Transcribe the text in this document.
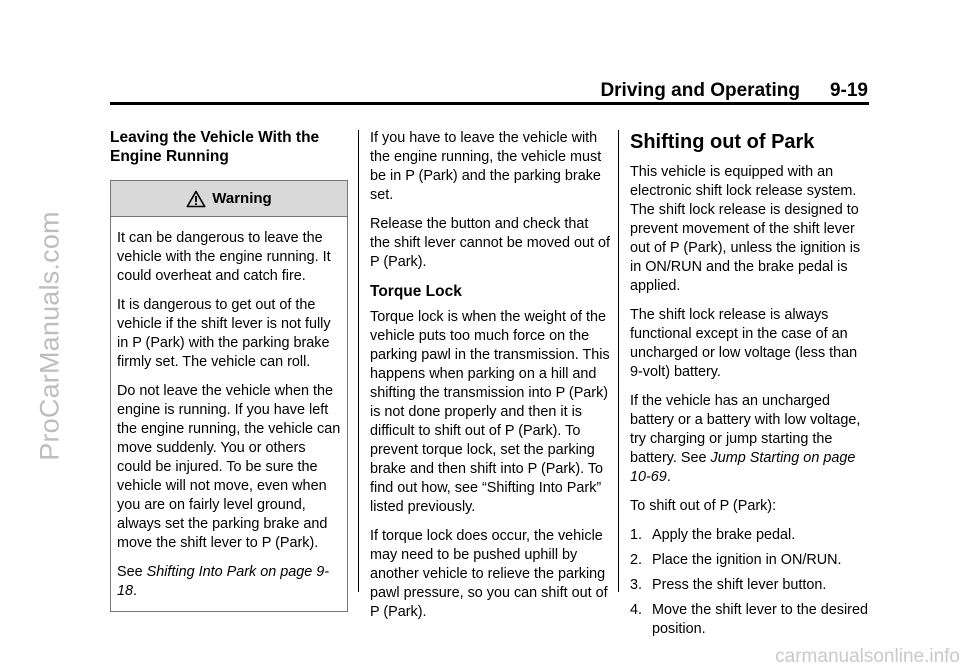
ProCarManuals.com
Driving and Operating 9-19
Leaving the Vehicle With the Engine Running
Warning

It can be dangerous to leave the vehicle with the engine running. It could overheat and catch fire.

It is dangerous to get out of the vehicle if the shift lever is not fully in P (Park) with the parking brake firmly set. The vehicle can roll.

Do not leave the vehicle when the engine is running. If you have left the engine running, the vehicle can move suddenly. You or others could be injured. To be sure the vehicle will not move, even when you are on fairly level ground, always set the parking brake and move the shift lever to P (Park).

See Shifting Into Park on page 9-18.

If you have to leave the vehicle with the engine running, the vehicle must be in P (Park) and the parking brake set.

Release the button and check that the shift lever cannot be moved out of P (Park).

Torque Lock

Torque lock is when the weight of the vehicle puts too much force on the parking pawl in the transmission. This happens when parking on a hill and shifting the transmission into P (Park) is not done properly and then it is difficult to shift out of P (Park). To prevent torque lock, set the parking brake and then shift into P (Park). To find out how, see “Shifting Into Park” listed previously.

If torque lock does occur, the vehicle may need to be pushed uphill by another vehicle to relieve the parking pawl pressure, so you can shift out of P (Park).

Shifting out of Park

This vehicle is equipped with an electronic shift lock release system. The shift lock release is designed to prevent movement of the shift lever out of P (Park), unless the ignition is in ON/RUN and the brake pedal is applied.

The shift lock release is always functional except in the case of an uncharged or low voltage (less than 9-volt) battery.

If the vehicle has an uncharged battery or a battery with low voltage, try charging or jump starting the battery. See Jump Starting on page 10-69.

To shift out of P (Park):

1. Apply the brake pedal.
2. Place the ignition in ON/RUN.
3. Press the shift lever button.
4. Move the shift lever to the desired position.
carmanualsonline.info
